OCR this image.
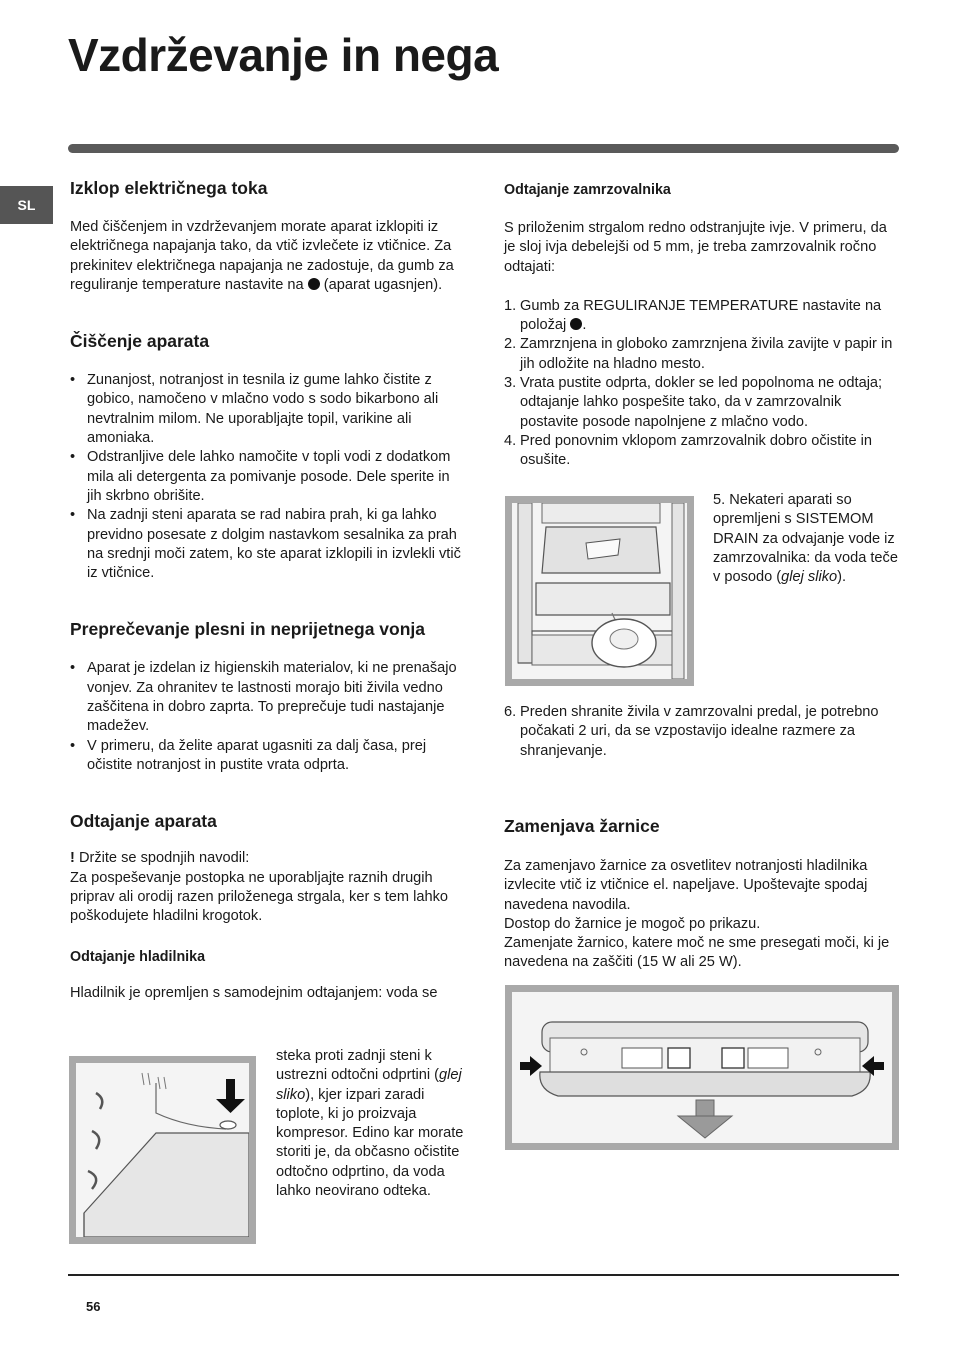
Vzdrževanje in nega
SL
Izklop električnega toka

Med čiščenjem in vzdrževanjem morate aparat izklopiti iz električnega napajanja tako, da vtič izvlečete iz vtičnice. Za prekinitev električnega napajanja ne zadostuje, da gumb za reguliranje temperature nastavite na (aparat ugasnjen).

Čiščenje aparata
• Zunanjost, notranjost in tesnila iz gume lahko čistite z gobico, namočeno v mlačno vodo s sodo bikarbono ali nevtralnim milom. Ne uporabljajte topil, varikine ali amoniaka.
• Odstranljive dele lahko namočite v topli vodi z dodatkom mila ali detergenta za pomivanje posode. Dele sperite in jih skrbno obrišite.
• Na zadnji steni aparata se rad nabira prah, ki ga lahko previdno posesate z dolgim nastavkom sesalnika za prah na srednji moči zatem, ko ste aparat izklopili in izvlekli vtič iz vtičnice.
Preprečevanje plesni in neprijetnega vonja
• Aparat je izdelan iz higienskih materialov, ki ne prenašajo vonjev. Za ohranitev te lastnosti morajo biti živila vedno zaščitena in dobro zaprta. To preprečuje tudi nastajanje madežev.
• V primeru, da želite aparat ugasniti za dalj časa, prej očistite notranjost in pustite vrata odprta.
Odtajanje aparata

! Držite se spodnjih navodil:

Za pospeševanje postopka ne uporabljajte raznih drugih priprav ali orodij razen priloženega strgala, ker s tem lahko poškodujete hladilni krogotok.

Odtajanje hladilnika

Hladilnik je opremljen s samodejnim odtajanjem: voda se

steka proti zadnji steni k ustrezni odtočni odprtini (glej sliko), kjer izpari zaradi toplote, ki jo proizvaja kompresor. Edino kar morate storiti je, da občasno očistite odtočno odprtino, da voda lahko neovirano odteka.
Odtajanje zamrzovalnika

S priloženim strgalom redno odstranjujte ivje. V primeru, da je sloj ivja debelejši od 5 mm, je treba zamrzovalnik ročno odtajati:

1. Gumb za REGULIRANJE TEMPERATURE nastavite na položaj .
2. Zamrznjena in globoko zamrznjena živila zavijte v papir in jih odložite na hladno mesto.
3. Vrata pustite odprta, dokler se led popolnoma ne odtaja; odtajanje lahko pospešite tako, da v zamrzovalnik postavite posode napolnjene z mlačno vodo.
4. Pred ponovnim vklopom zamrzovalnik dobro očistite in osušite.
5. Nekateri aparati so opremljeni s SISTEMOM DRAIN za odvajanje vode iz zamrzovalnika: da voda teče v posodo (glej sliko).
6. Preden shranite živila v zamrzovalni predal, je potrebno počakati 2 uri, da se vzpostavijo idealne razmere za shranjevanje.
Zamenjava žarnice

Za zamenjavo žarnice za osvetlitev notranjosti hladilnika izvlecite vtič iz vtičnice el. napeljave. Upoštevajte spodaj navedena navodila.

Dostop do žarnice je mogoč po prikazu.

Zamenjate žarnico, katere moč ne sme presegati moči, ki je navedena na zaščiti (15 W ali 25 W).

56
